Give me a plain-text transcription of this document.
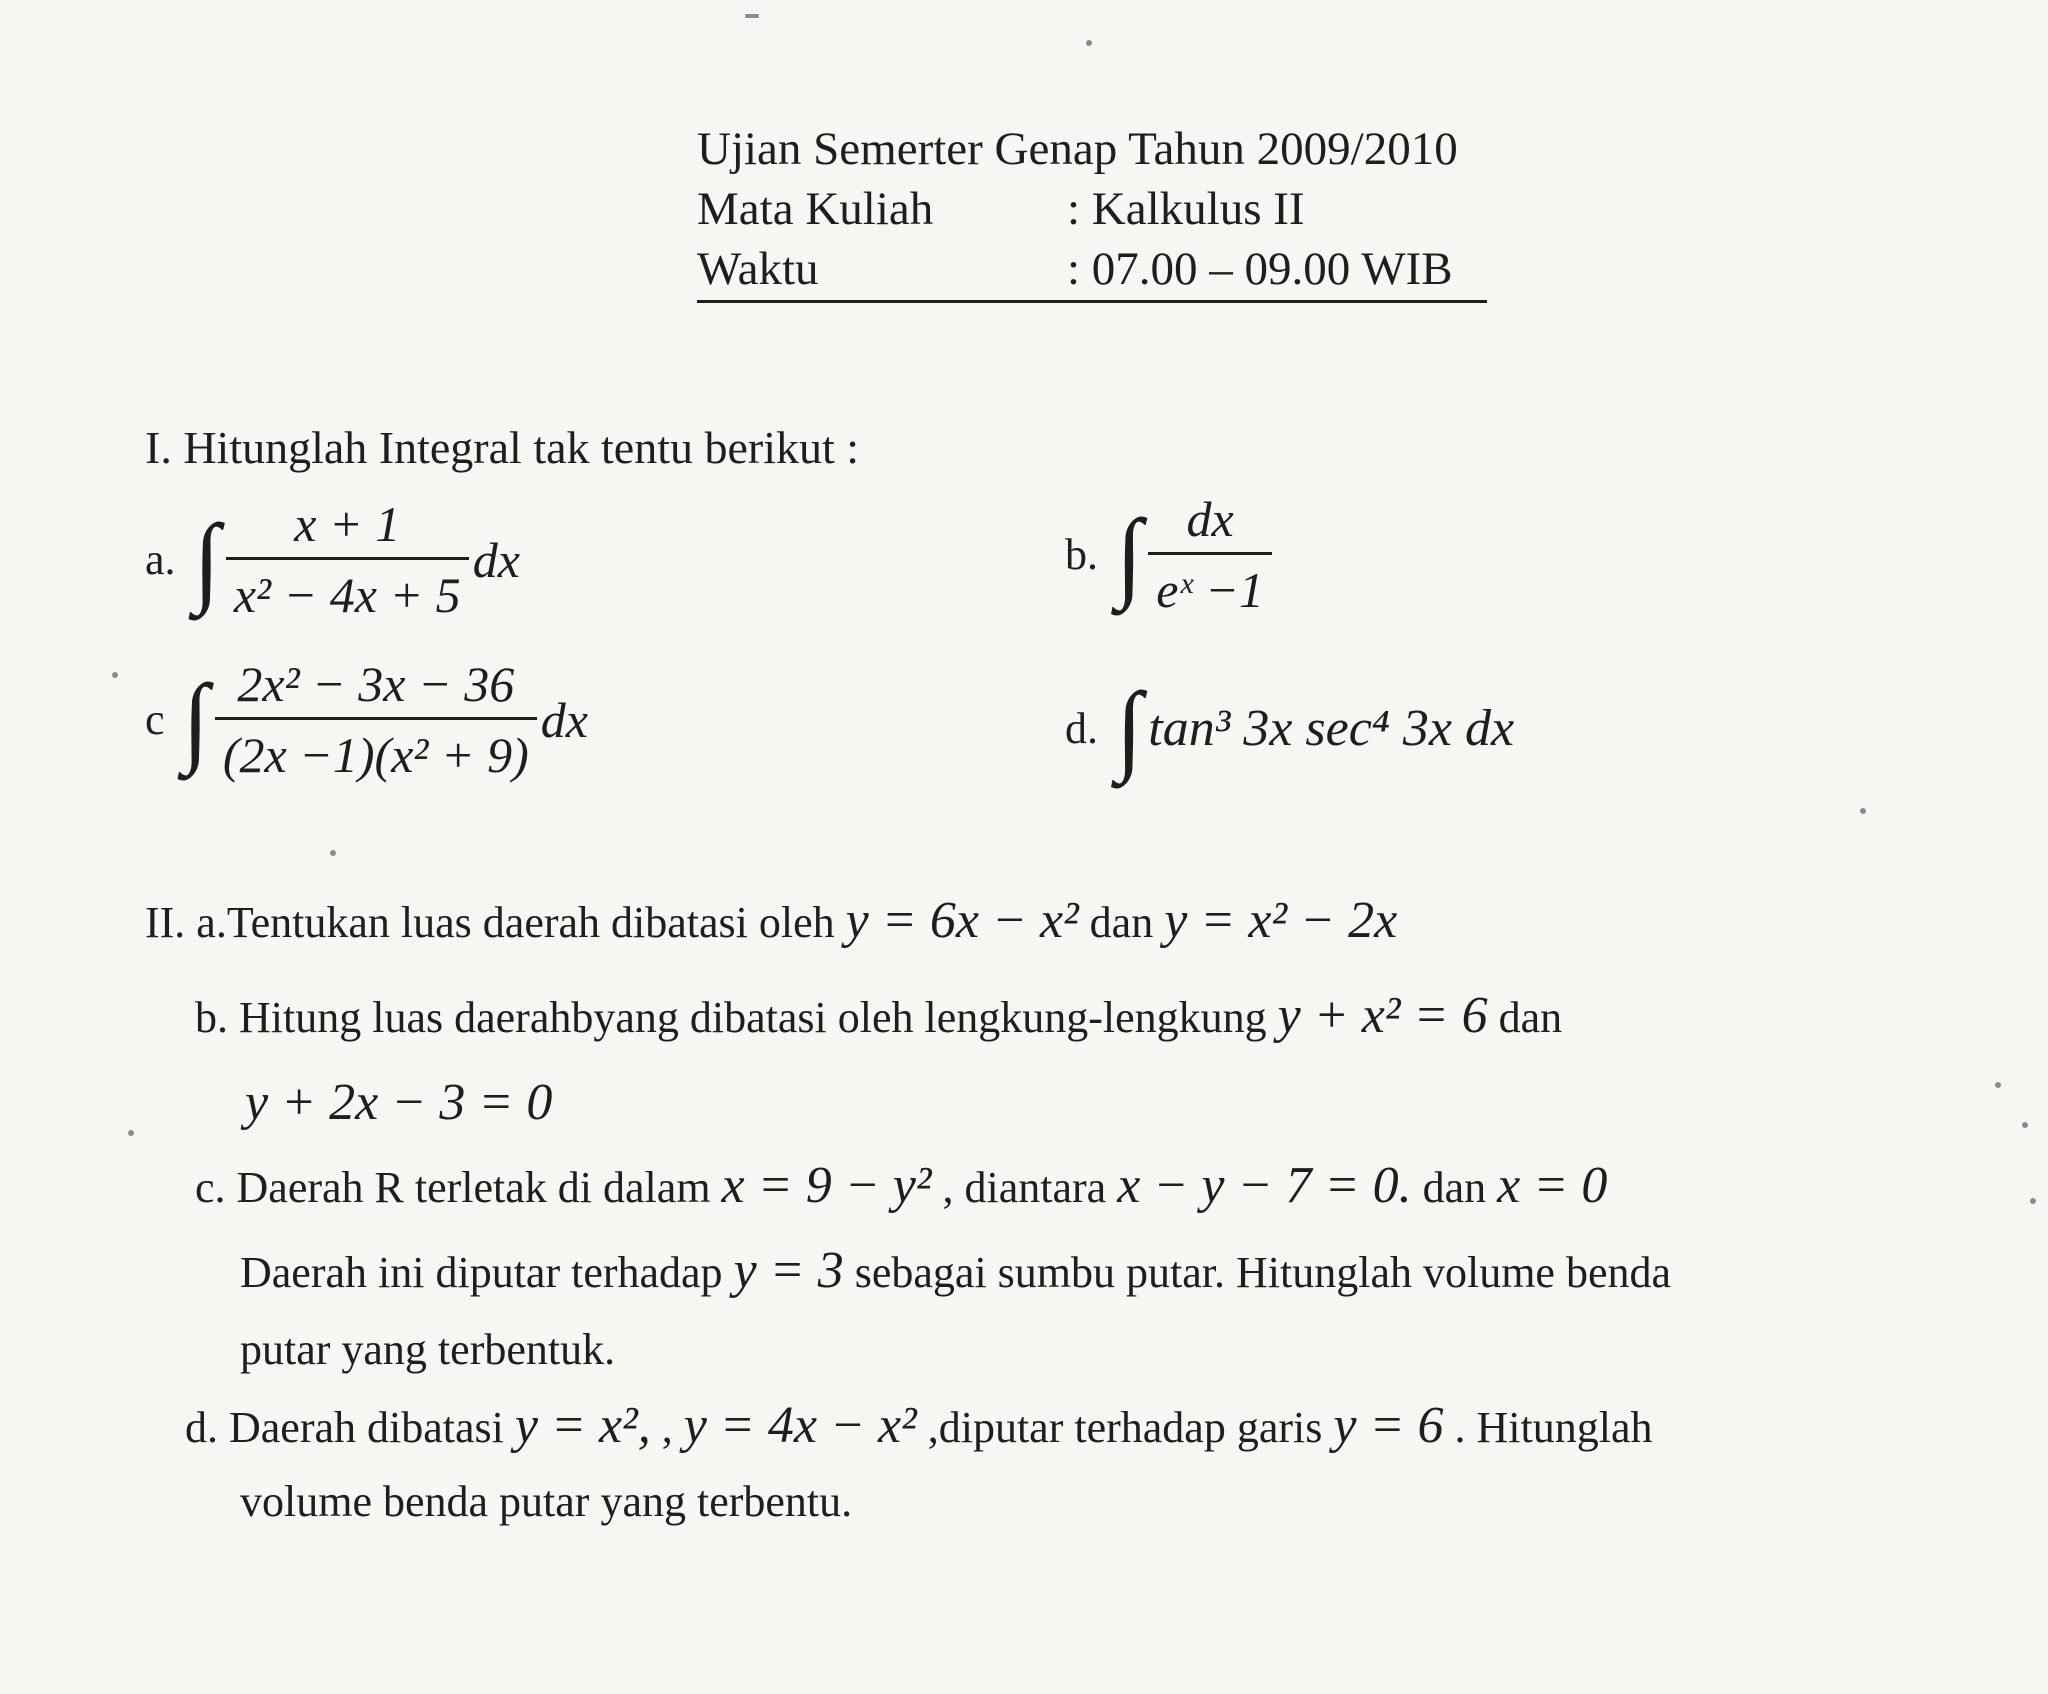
Ujian Semerter Genap Tahun 2009/2010
Mata Kuliah	: Kalkulus II
Waktu	: 07.00 – 09.00 WIB
I. Hitunglah Integral tak tentu berikut :
a. ∫ $\frac{x + 1}{\text{x² − 4x + 5}}$ dx	b. ∫ $\frac{dx}{\text{eˣ −1}}$
c ∫ $\frac{\text{2x² − 3x − 36}}{\text{(2x −1)(x² + 9)}}$ dx	d. ∫ tan³ 3x sec⁴ 3x dx
II. a.Tentukan luas daerah dibatasi oleh y = 6x − x² dan y = x² − 2x
b. Hitung luas daerahbyang dibatasi oleh lengkung-lengkung y + x² = 6 dan
y + 2x − 3 = 0
c. Daerah R terletak di dalam x = 9 − y² , diantara x − y − 7 = 0. dan x = 0
Daerah ini diputar terhadap y = 3 sebagai sumbu putar. Hitunglah volume benda
putar yang terbentuk.
d. Daerah dibatasi y = x², , y = 4x − x² ,diputar terhadap garis y = 6 . Hitunglah
volume benda putar yang terbentu.
